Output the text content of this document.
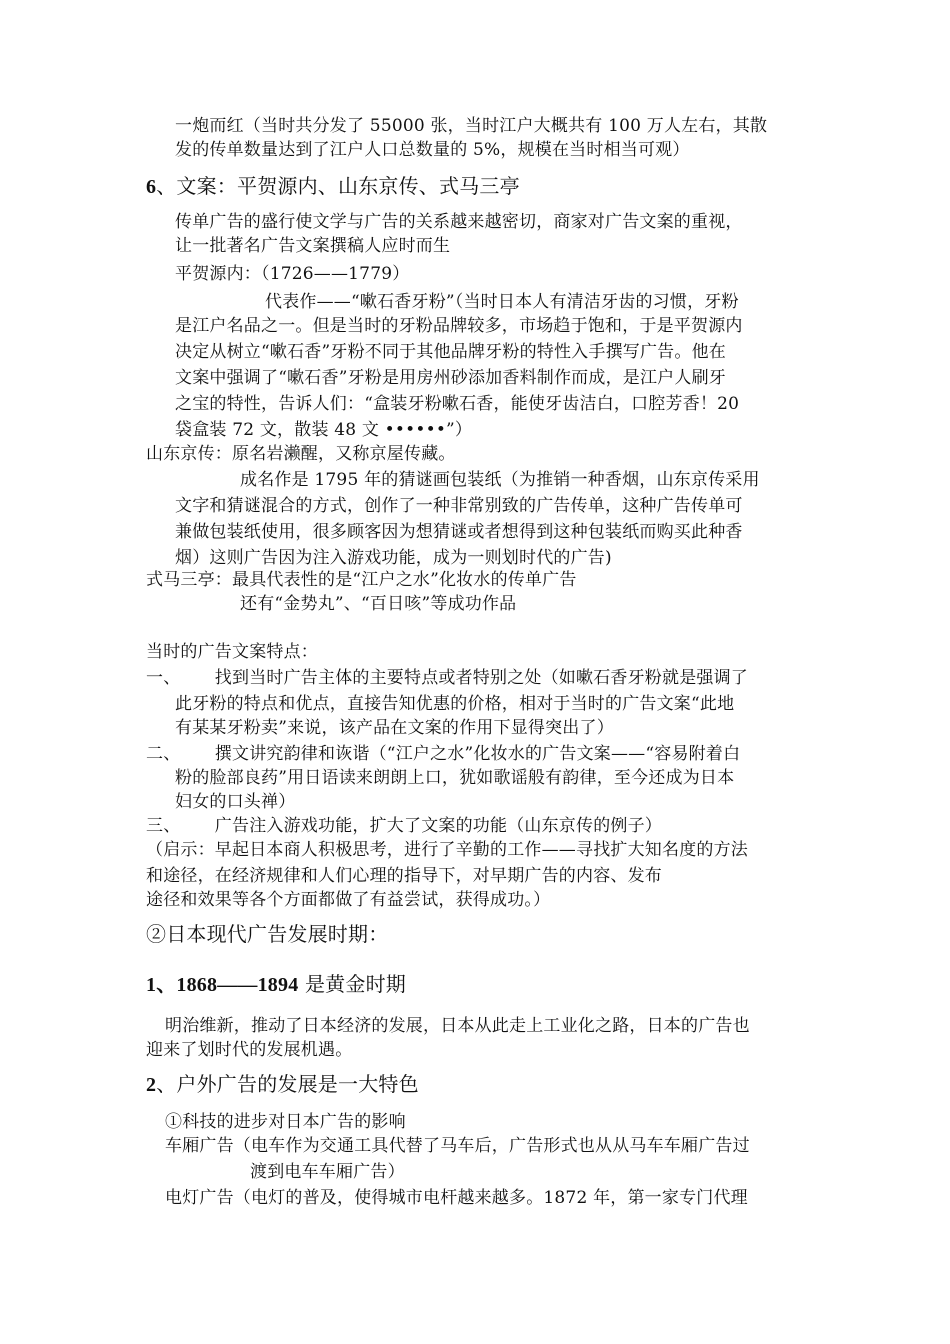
一炮而红（当时共分发了 55000 张，当时江户大概共有 100 万人左右，其散

发的传单数量达到了江户人口总数量的 5%，规模在当时相当可观）

6、文案：平贺源内、山东京传、式马三亭

传单广告的盛行使文学与广告的关系越来越密切，商家对广告文案的重视，

让一批著名广告文案撰稿人应时而生

平贺源内：（1726——1779）

代表作——“嗽石香牙粉”（当时日本人有清洁牙齿的习惯，牙粉

是江户名品之一。但是当时的牙粉品牌较多，市场趋于饱和，于是平贺源内

决定从树立“嗽石香”牙粉不同于其他品牌牙粉的特性入手撰写广告。他在

文案中强调了“嗽石香”牙粉是用房州砂添加香料制作而成，是江户人刷牙

之宝的特性，告诉人们：“盒装牙粉嗽石香，能使牙齿洁白，口腔芳香！20

袋盒装 72 文，散装 48 文 ••••••”）

山东京传：原名岩濑醒，又称京屋传藏。

成名作是 1795 年的猜谜画包装纸（为推销一种香烟，山东京传采用

文字和猜谜混合的方式，创作了一种非常别致的广告传单，这种广告传单可

兼做包装纸使用，很多顾客因为想猜谜或者想得到这种包装纸而购买此种香

烟）这则广告因为注入游戏功能，成为一则划时代的广告)

式马三亭：最具代表性的是“江户之水”化妆水的传单广告

还有“金势丸”、“百日咳”等成功作品

当时的广告文案特点：

一、  找到当时广告主体的主要特点或者特别之处（如嗽石香牙粉就是强调了

此牙粉的特点和优点，直接告知优惠的价格，相对于当时的广告文案“此地

有某某牙粉卖”来说，该产品在文案的作用下显得突出了）

二、  撰文讲究韵律和诙谐（“江户之水”化妆水的广告文案——“容易附着白

粉的脸部良药”用日语读来朗朗上口，犹如歌谣般有韵律，至今还成为日本

妇女的口头禅）

三、  广告注入游戏功能，扩大了文案的功能（山东京传的例子）

（启示：早起日本商人积极思考，进行了辛勤的工作——寻找扩大知名度的方法

和途径，在经济规律和人们心理的指导下，对早期广告的内容、发布

途径和效果等各个方面都做了有益尝试，获得成功。）

②日本现代广告发展时期：
1、1868——1894 是黄金时期

明治维新，推动了日本经济的发展，日本从此走上工业化之路，日本的广告也

迎来了划时代的发展机遇。

2、户外广告的发展是一大特色

①科技的进步对日本广告的影响

车厢广告（电车作为交通工具代替了马车后，广告形式也从从马车车厢广告过

渡到电车车厢广告）

电灯广告（电灯的普及，使得城市电杆越来越多。1872 年，第一家专门代理
